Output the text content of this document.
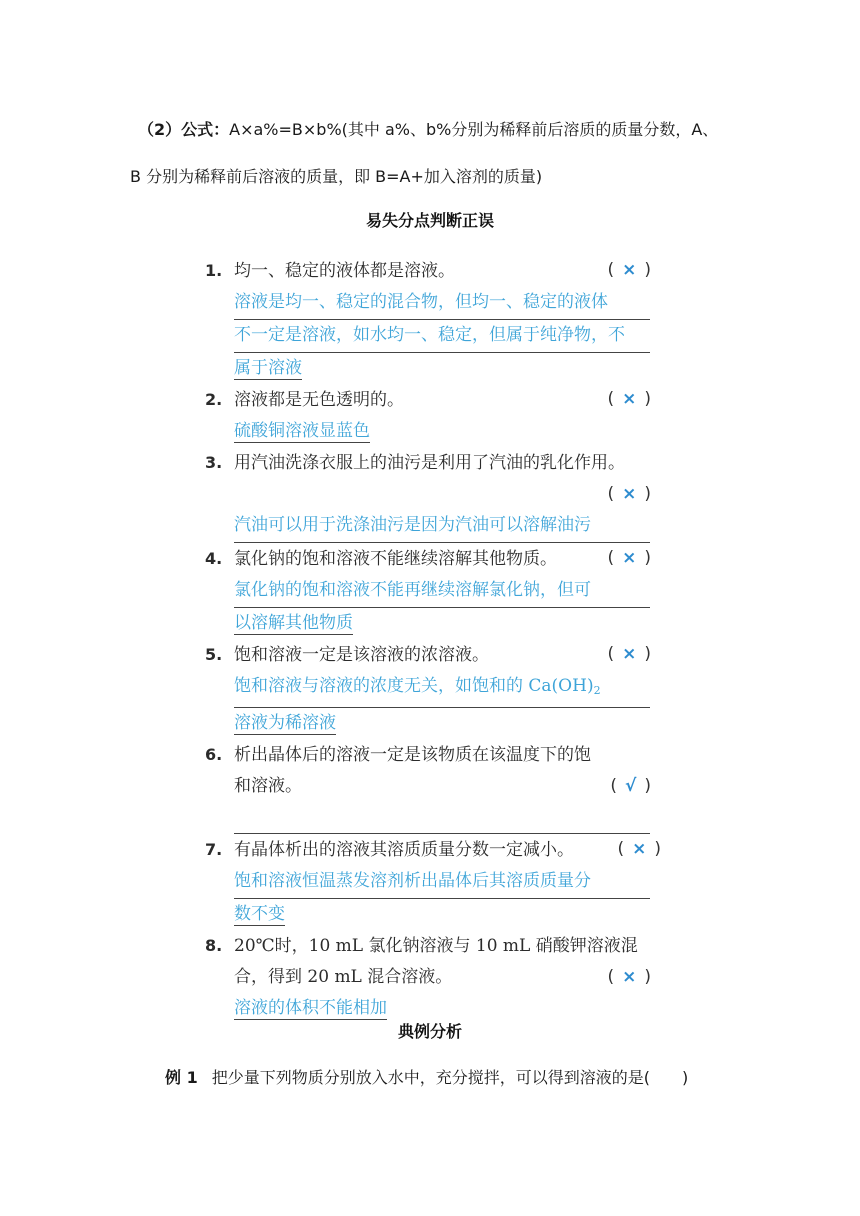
（2）公式：A×a%=B×b%(其中 a%、b%分别为稀释前后溶质的质量分数，A、
B 分别为稀释前后溶液的质量，即 B=A+加入溶剂的质量)
易失分点判断正误
1. 均一、稳定的液体都是溶液。	( × )
溶液是均一、稳定的混合物，但均一、稳定的液体
不一定是溶液，如水均一、稳定，但属于纯净物，不
属于溶液
2. 溶液都是无色透明的。	( × )
硫酸铜溶液显蓝色
3. 用汽油洗涤衣服上的油污是利用了汽油的乳化作用。
( × )

汽油可以用于洗涤油污是因为汽油可以溶解油污
4. 氯化钠的饱和溶液不能继续溶解其他物质。	( × )
氯化钠的饱和溶液不能再继续溶解氯化钠，但可
以溶解其他物质
5. 饱和溶液一定是该溶液的浓溶液。	( × )
饱和溶液与溶液的浓度无关，如饱和的 $Ca(OH)_2$
溶液为稀溶液
6. 析出晶体后的溶液一定是该物质在该温度下的饱
和溶液。	( √ )
7. 有晶体析出的溶液其溶质质量分数一定减小。	( × )
饱和溶液恒温蒸发溶剂析出晶体后其溶质质量分
数不变
8. 20℃时，10 mL 氯化钠溶液与 10 mL 硝酸钾溶液混
合，得到 20 mL 混合溶液。	( × )
溶液的体积不能相加
典例分析
例 1 把少量下列物质分别放入水中，充分搅拌，可以得到溶液的是(　　)
